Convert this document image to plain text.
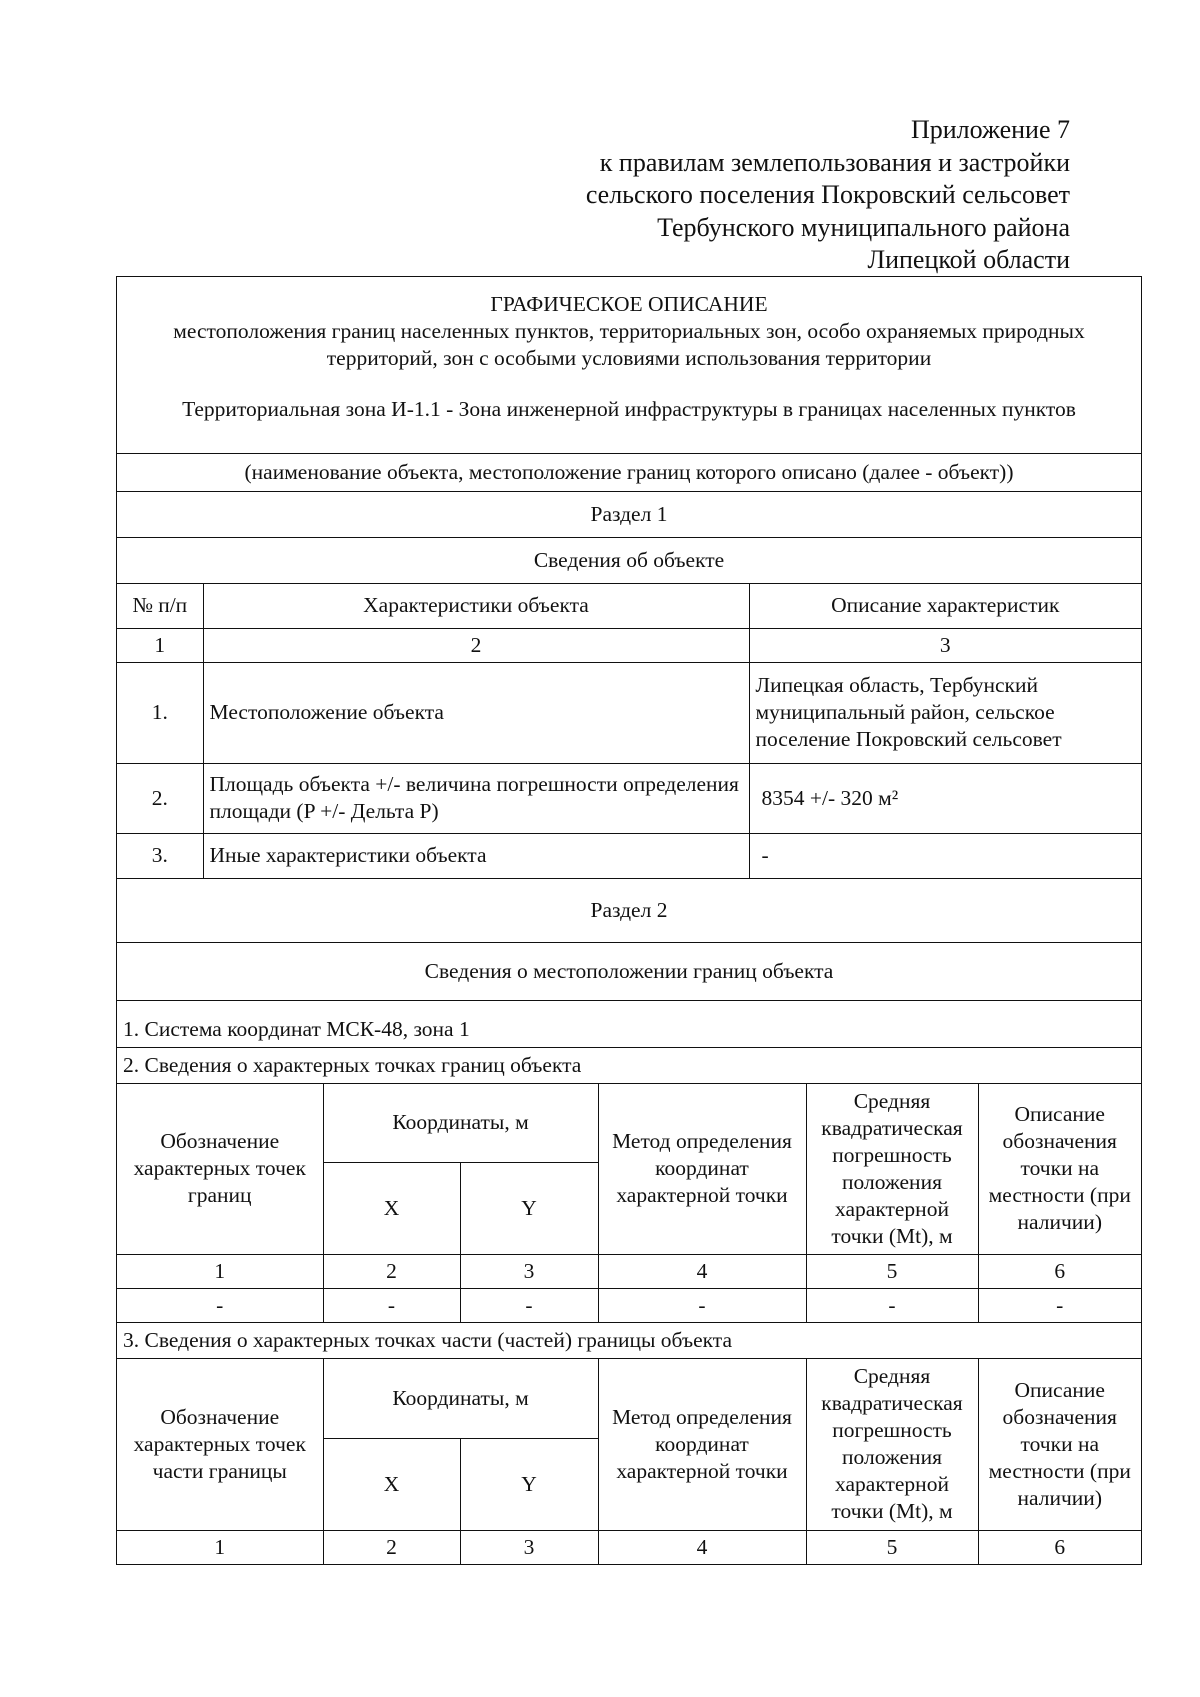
Приложение 7
к правилам землепользования и застройки
сельского поселения Покровский сельсовет
Тербунского муниципального района
Липецкой области
ГРАФИЧЕСКОЕ ОПИСАНИЕ
местоположения границ населенных пунктов, территориальных зон, особо охраняемых природных территорий, зон с особыми условиями использования территории
Территориальная зона И-1.1 - Зона инженерной инфраструктуры в границах населенных пунктов
(наименование объекта, местоположение границ которого описано (далее - объект))
Раздел 1
Сведения об объекте
№ п/п	Характеристики объекта	Описание характеристик
1	2	3
1.	Местоположение объекта	Липецкая область, Тербунский муниципальный район, сельское поселение Покровский сельсовет
2.	Площадь объекта +/- величина погрешности определения площади (P +/- Дельта P)	8354 +/- 320 м²
3.	Иные характеристики объекта	-
Раздел 2
Сведения о местоположении границ объекта
1. Система координат МСК-48, зона 1
2. Сведения о характерных точках границ объекта
Обозначение характерных точек границ	Координаты, м		Метод определения координат характерной точки	Средняя квадратическая погрешность положения характерной точки (Mt), м	Описание обозначения точки на местности (при наличии)
	X	Y			
1	2	3	4	5	6
-	-	-	-	-	-
3. Сведения о характерных точках части (частей) границы объекта
Обозначение характерных точек части границы	Координаты, м		Метод определения координат характерной точки	Средняя квадратическая погрешность положения характерной точки (Mt), м	Описание обозначения точки на местности (при наличии)
	X	Y			
1	2	3	4	5	6
